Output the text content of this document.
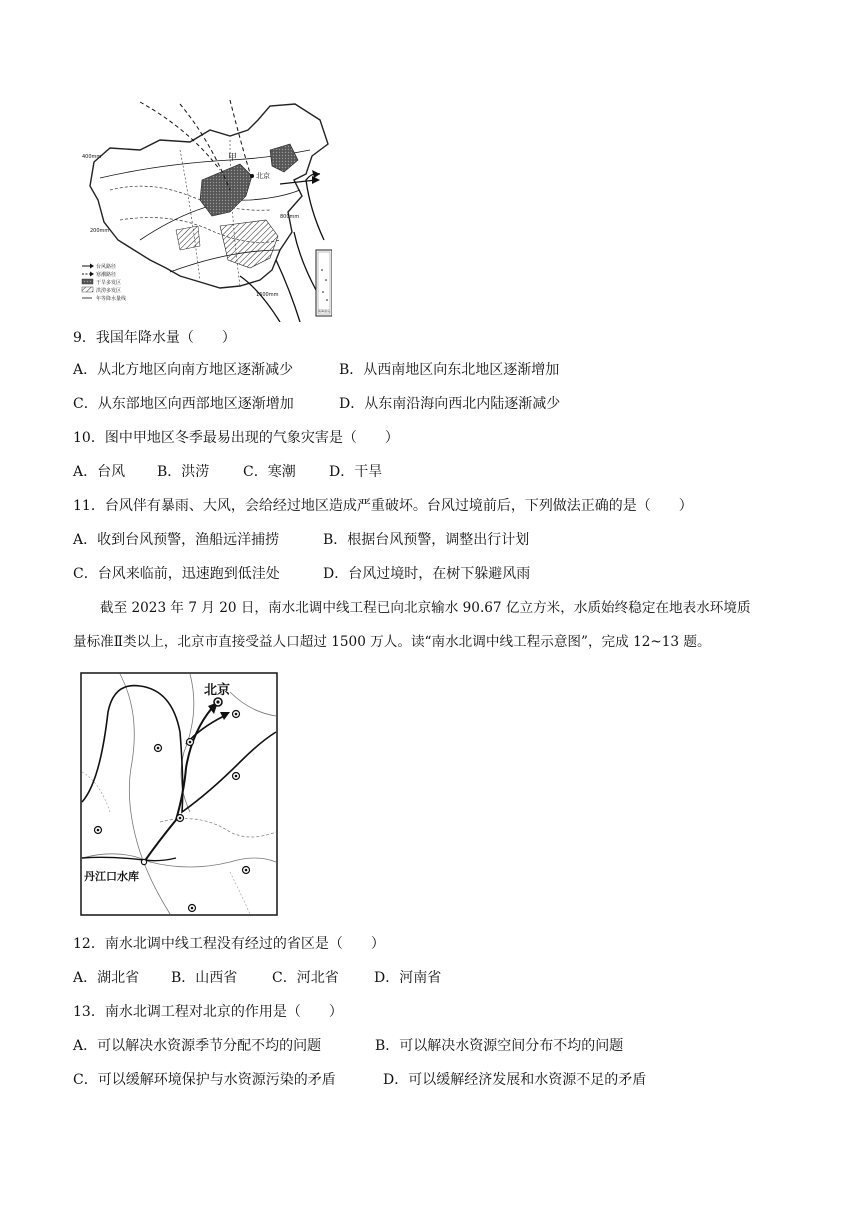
甲
北京
400mm
800mm
1600mm
200mm
南海诸岛
台风路径
寒潮路径
干旱多发区
洪涝多发区
年等降水量线
9．我国年降水量（　　）
A．从北方地区向南方地区逐渐减少	B．从西南地区向东北地区逐渐增加
C．从东部地区向西部地区逐渐增加	D．从东南沿海向西北内陆逐渐减少
10．图中甲地区冬季最易出现的气象灾害是（　　）
A．台风 B．洪涝 C．寒潮 D．干旱
11．台风伴有暴雨、大风，会给经过地区造成严重破坏。台风过境前后，下列做法正确的是（　　）
A．收到台风预警，渔船远洋捕捞	B．根据台风预警，调整出行计划
C．台风来临前，迅速跑到低洼处	D．台风过境时，在树下躲避风雨
截至 2023 年 7 月 20 日，南水北调中线工程已向北京输水 90.67 亿立方米，水质始终稳定在地表水环境质
量标准Ⅱ类以上，北京市直接受益人口超过 1500 万人。读“南水北调中线工程示意图”，完成 12~13 题。
北京
丹江口水库
12．南水北调中线工程没有经过的省区是（　　）
A．湖北省 B．山西省 C．河北省	D．河南省
13．南水北调工程对北京的作用是（　　）
A．可以解决水资源季节分配不均的问题	B．可以解决水资源空间分布不均的问题
C．可以缓解环境保护与水资源污染的矛盾	D．可以缓解经济发展和水资源不足的矛盾
